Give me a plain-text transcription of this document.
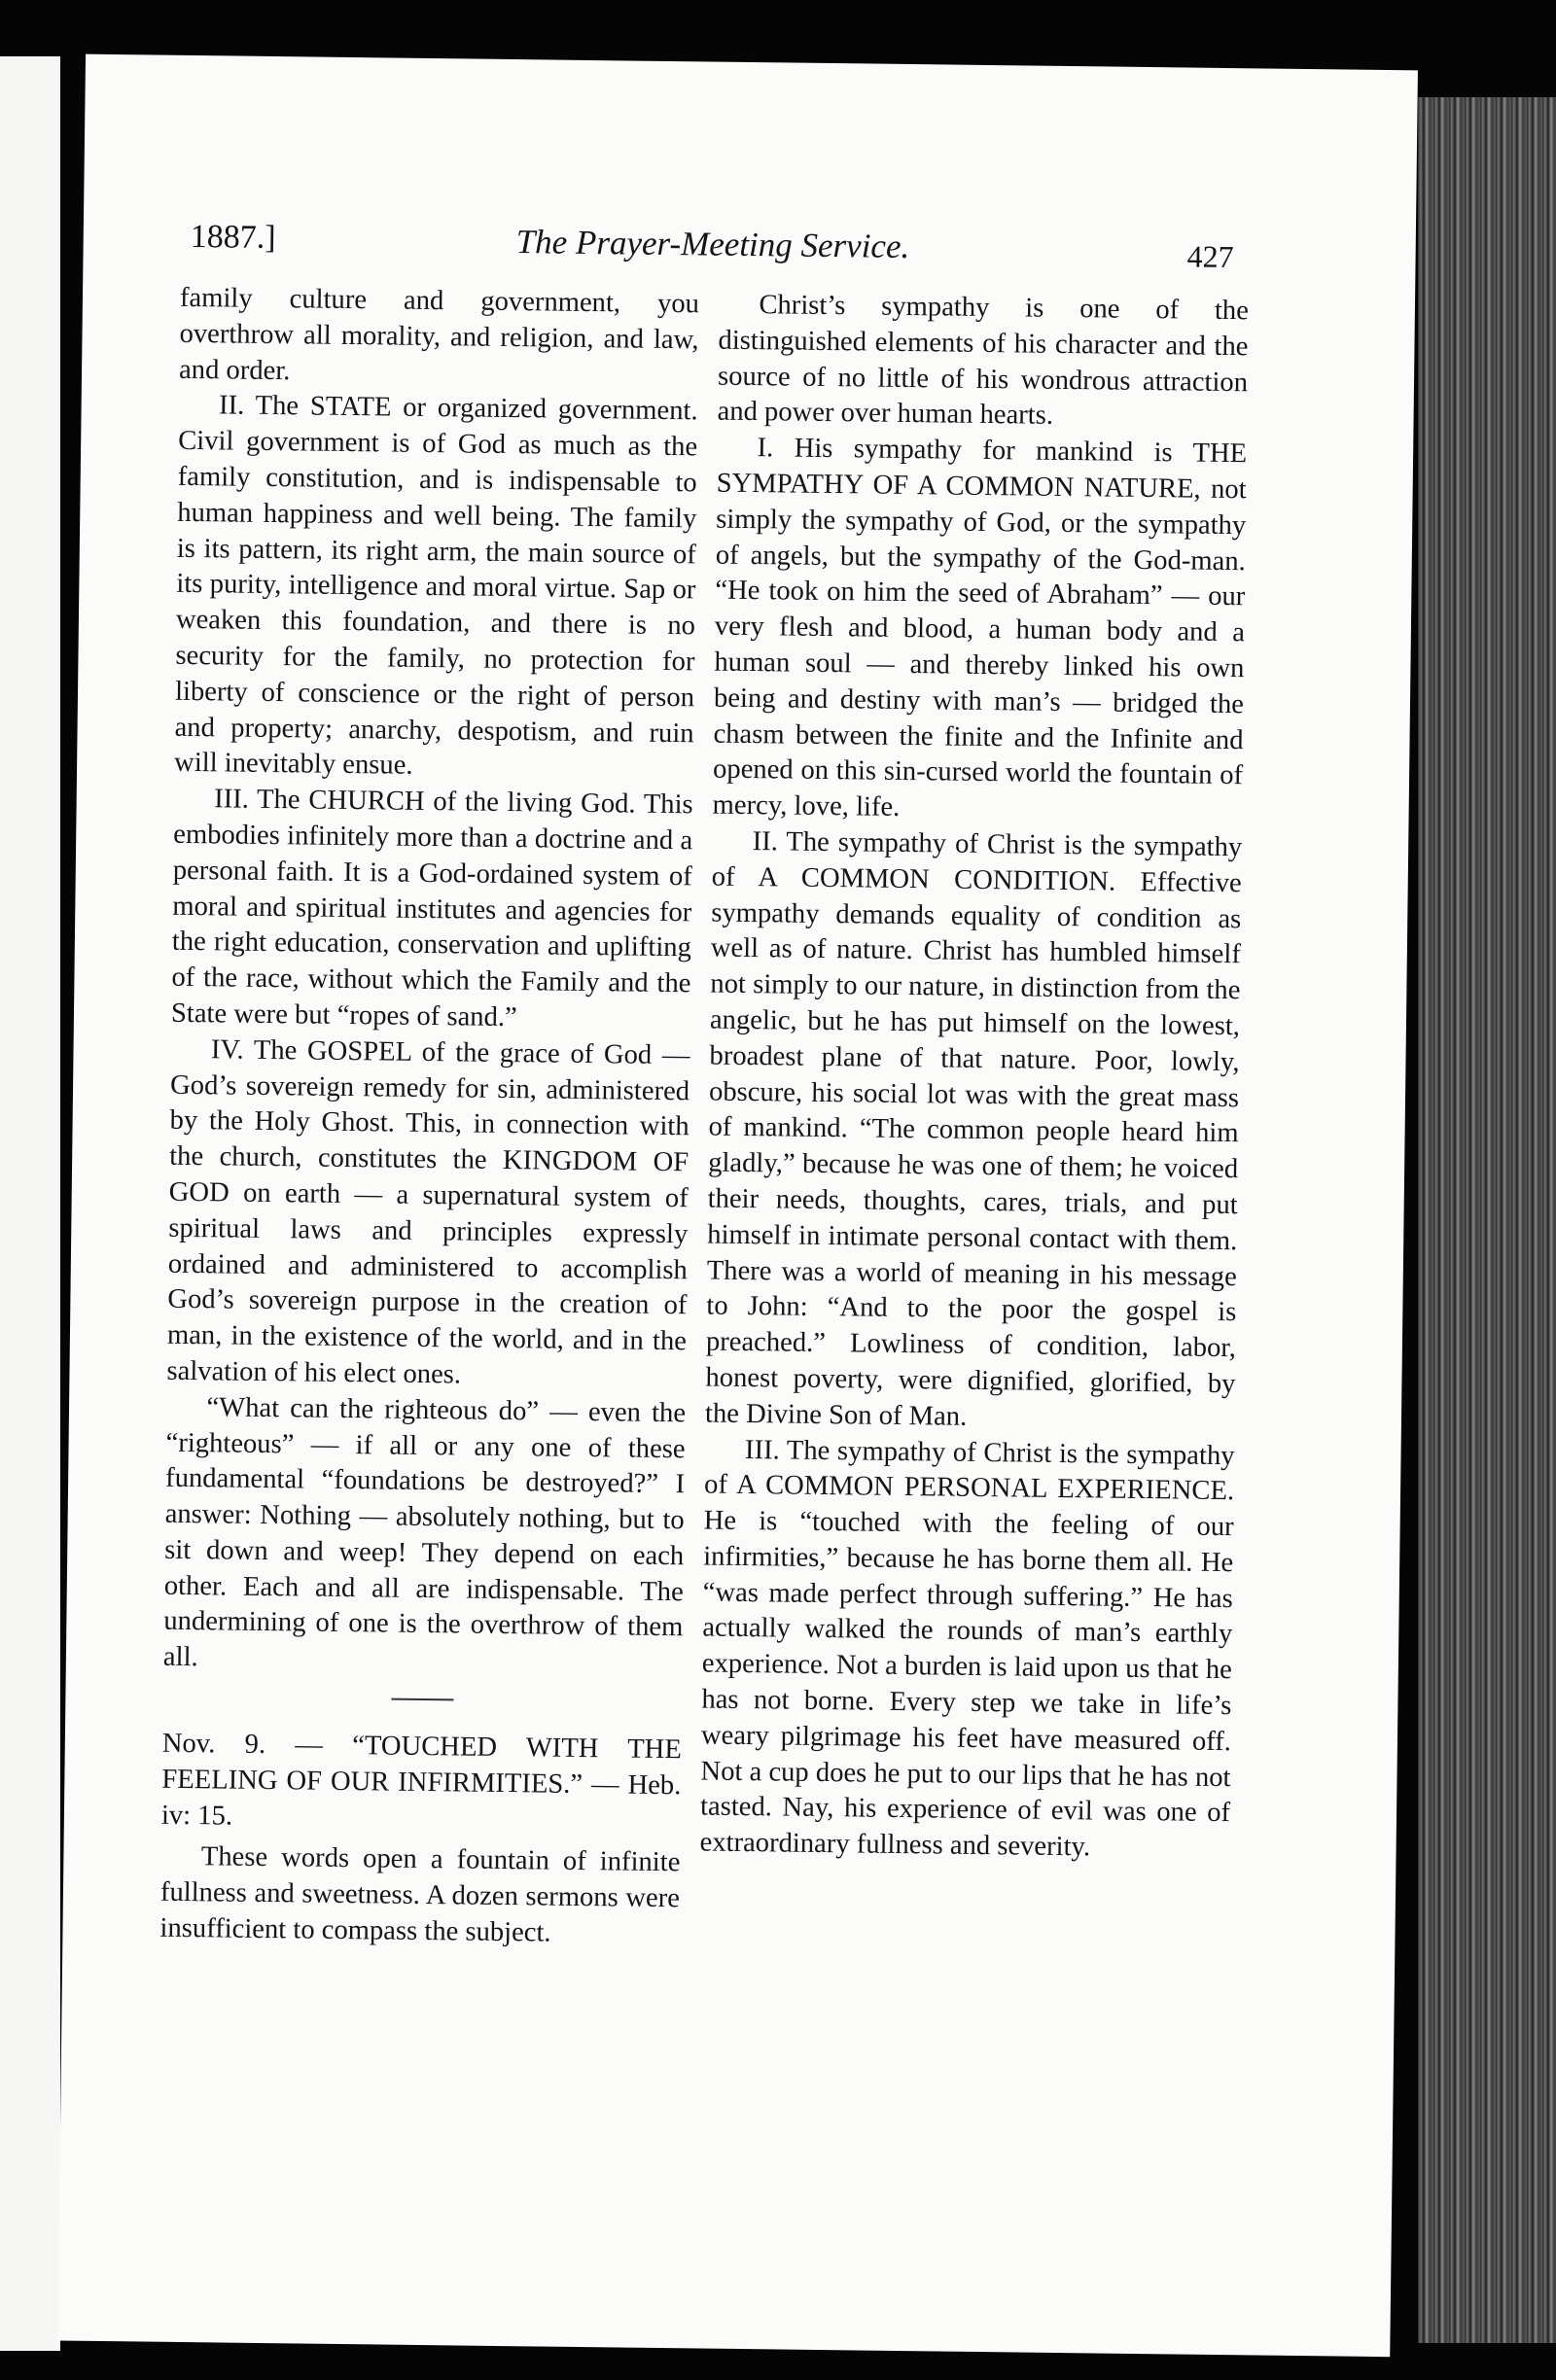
1887.]	The Prayer-Meeting Service.	427

family culture and government, you overthrow all morality, and religion, and law, and order.

II. The STATE or organized government. Civil government is of God as much as the family constitution, and is indispensable to human happiness and well being. The family is its pattern, its right arm, the main source of its purity, intelligence and moral virtue. Sap or weaken this foundation, and there is no security for the family, no protection for liberty of conscience or the right of person and property; anarchy, despotism, and ruin will inevitably ensue.

III. The CHURCH of the living God. This embodies infinitely more than a doctrine and a personal faith. It is a God-ordained system of moral and spiritual institutes and agencies for the right education, conservation and uplifting of the race, without which the Family and the State were but “ropes of sand.”

IV. The GOSPEL of the grace of God — God’s sovereign remedy for sin, administered by the Holy Ghost. This, in connection with the church, constitutes the KINGDOM OF GOD on earth — a supernatural system of spiritual laws and principles expressly ordained and administered to accomplish God’s sovereign purpose in the creation of man, in the existence of the world, and in the salvation of his elect ones.

“What can the righteous do” — even the “righteous” — if all or any one of these fundamental “foundations be destroyed?” I answer: Nothing — absolutely nothing, but to sit down and weep! They depend on each other. Each and all are indispensable. The undermining of one is the overthrow of them all.

Nov. 9. — “TOUCHED WITH THE FEELING OF OUR INFIRMITIES.” — Heb. iv: 15.

These words open a fountain of infinite fullness and sweetness. A dozen sermons were insufficient to compass the subject.

Christ’s sympathy is one of the distinguished elements of his character and the source of no little of his wondrous attraction and power over human hearts.

I. His sympathy for mankind is THE SYMPATHY OF A COMMON NATURE, not simply the sympathy of God, or the sympathy of angels, but the sympathy of the God-man. “He took on him the seed of Abraham” — our very flesh and blood, a human body and a human soul — and thereby linked his own being and destiny with man’s — bridged the chasm between the finite and the Infinite and opened on this sin-cursed world the fountain of mercy, love, life.

II. The sympathy of Christ is the sympathy of A COMMON CONDITION. Effective sympathy demands equality of condition as well as of nature. Christ has humbled himself not simply to our nature, in distinction from the angelic, but he has put himself on the lowest, broadest plane of that nature. Poor, lowly, obscure, his social lot was with the great mass of mankind. “The common people heard him gladly,” because he was one of them; he voiced their needs, thoughts, cares, trials, and put himself in intimate personal contact with them. There was a world of meaning in his message to John: “And to the poor the gospel is preached.” Lowliness of condition, labor, honest poverty, were dignified, glorified, by the Divine Son of Man.

III. The sympathy of Christ is the sympathy of A COMMON PERSONAL EXPERIENCE. He is “touched with the feeling of our infirmities,” because he has borne them all. He “was made perfect through suffering.” He has actually walked the rounds of man’s earthly experience. Not a burden is laid upon us that he has not borne. Every step we take in life’s weary pilgrimage his feet have measured off. Not a cup does he put to our lips that he has not tasted. Nay, his experience of evil was one of extraordinary fullness and severity.
